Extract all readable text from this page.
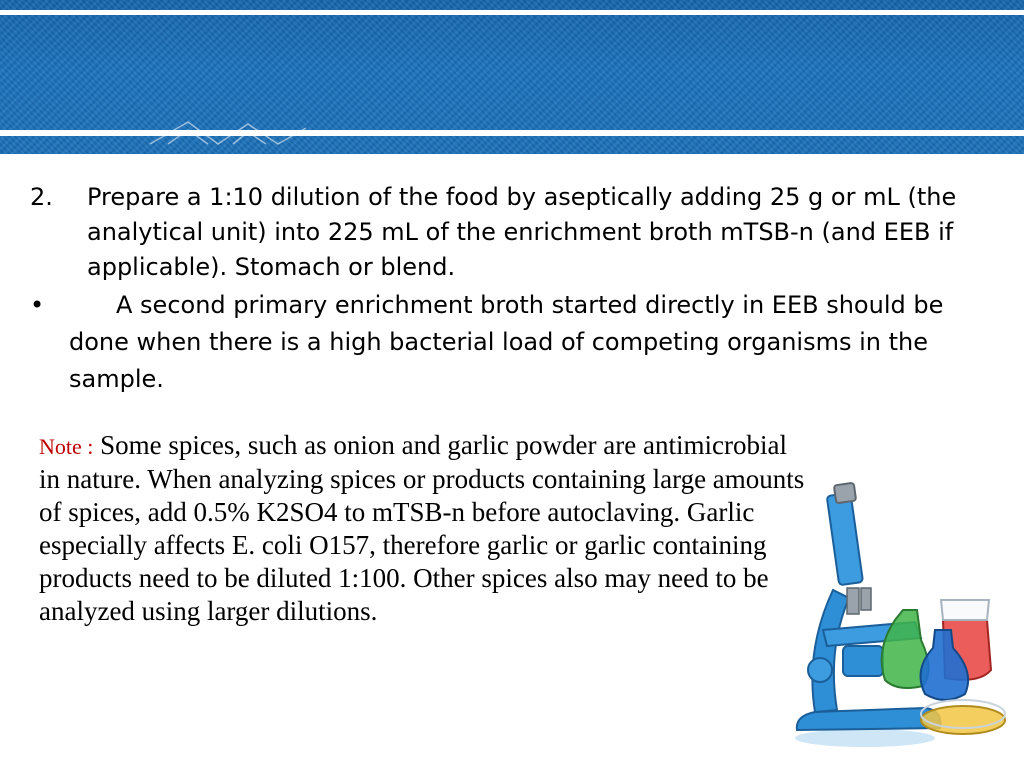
2. Prepare a 1:10 dilution of the food by aseptically adding 25 g or mL (the analytical unit) into 225 mL of the enrichment broth mTSB-n (and EEB if applicable). Stomach or blend.
•	A second primary enrichment broth started directly in EEB should be done when there is a high bacterial load of competing organisms in the sample.
Note : Some spices, such as onion and garlic powder are antimicrobial in nature. When analyzing spices or products containing large amounts of spices, add 0.5% K2SO4 to mTSB-n before autoclaving. Garlic especially affects E. coli O157, therefore garlic or garlic containing products need to be diluted 1:100. Other spices also may need to be analyzed using larger dilutions.
